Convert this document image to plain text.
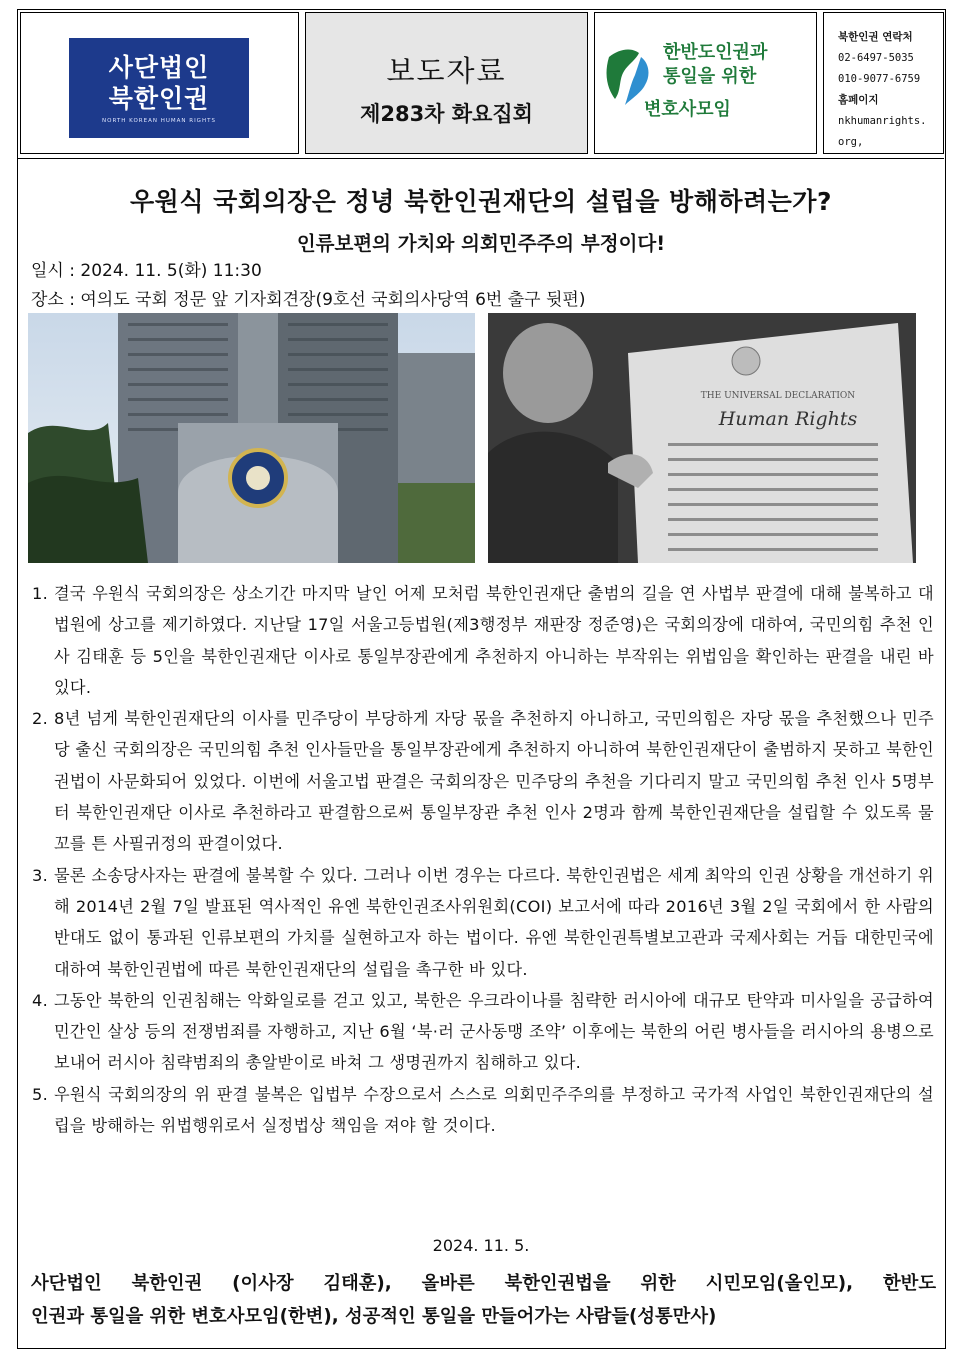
사단법인
북한인권
NORTH KOREAN HUMAN RIGHTS
보도자료
제283차 화요집회
한반도인권과
통일을 위한
변호사모임
북한인권 연락처
02-6497-5035
010-9077-6759
홈페이지
nkhumanrights.
org,
우원식 국회의장은 정녕 북한인권재단의 설립을 방해하려는가?
인류보편의 가치와 의회민주주의 부정이다!
일시 : 2024. 11. 5(화) 11:30
장소 : 여의도 국회 정문 앞 기자회견장(9호선 국회의사당역 6번 출구 뒷편)
THE UNIVERSAL DECLARATION
Human Rights
1. 결국 우원식 국회의장은 상소기간 마지막 날인 어제 모처럼 북한인권재단 출범의 길을 연 사법부 판결에 대해 불복하고 대법원에 상고를 제기하였다. 지난달 17일 서울고등법원(제3행정부 재판장 정준영)은 국회의장에 대하여, 국민의힘 추천 인사 김태훈 등 5인을 북한인권재단 이사로 통일부장관에게 추천하지 아니하는 부작위는 위법임을 확인하는 판결을 내린 바 있다.
2. 8년 넘게 북한인권재단의 이사를 민주당이 부당하게 자당 몫을 추천하지 아니하고, 국민의힘은 자당 몫을 추천했으나 민주당 출신 국회의장은 국민의힘 추천 인사들만을 통일부장관에게 추천하지 아니하여 북한인권재단이 출범하지 못하고 북한인권법이 사문화되어 있었다. 이번에 서울고법 판결은 국회의장은 민주당의 추천을 기다리지 말고 국민의힘 추천 인사 5명부터 북한인권재단 이사로 추천하라고 판결함으로써 통일부장관 추천 인사 2명과 함께 북한인권재단을 설립할 수 있도록 물꼬를 튼 사필귀정의 판결이었다.
3. 물론 소송당사자는 판결에 불복할 수 있다. 그러나 이번 경우는 다르다. 북한인권법은 세계 최악의 인권 상황을 개선하기 위해 2014년 2월 7일 발표된 역사적인 유엔 북한인권조사위원회(COI) 보고서에 따라 2016년 3월 2일 국회에서 한 사람의 반대도 없이 통과된 인류보편의 가치를 실현하고자 하는 법이다. 유엔 북한인권특별보고관과 국제사회는 거듭 대한민국에 대하여 북한인권법에 따른 북한인권재단의 설립을 촉구한 바 있다.
4. 그동안 북한의 인권침해는 악화일로를 걷고 있고, 북한은 우크라이나를 침략한 러시아에 대규모 탄약과 미사일을 공급하여 민간인 살상 등의 전쟁범죄를 자행하고, 지난 6월 ‘북·러 군사동맹 조약’ 이후에는 북한의 어린 병사들을 러시아의 용병으로 보내어 러시아 침략범죄의 총알받이로 바쳐 그 생명권까지 침해하고 있다.
5. 우원식 국회의장의 위 판결 불복은 입법부 수장으로서 스스로 의회민주주의를 부정하고 국가적 사업인 북한인권재단의 설립을 방해하는 위법행위로서 실정법상 책임을 져야 할 것이다.
2024. 11. 5.
사단법인 북한인권 (이사장 김태훈), 올바른 북한인권법을 위한 시민모임(올인모), 한반도
인권과 통일을 위한 변호사모임(한변), 성공적인 통일을 만들어가는 사람들(성통만사)
